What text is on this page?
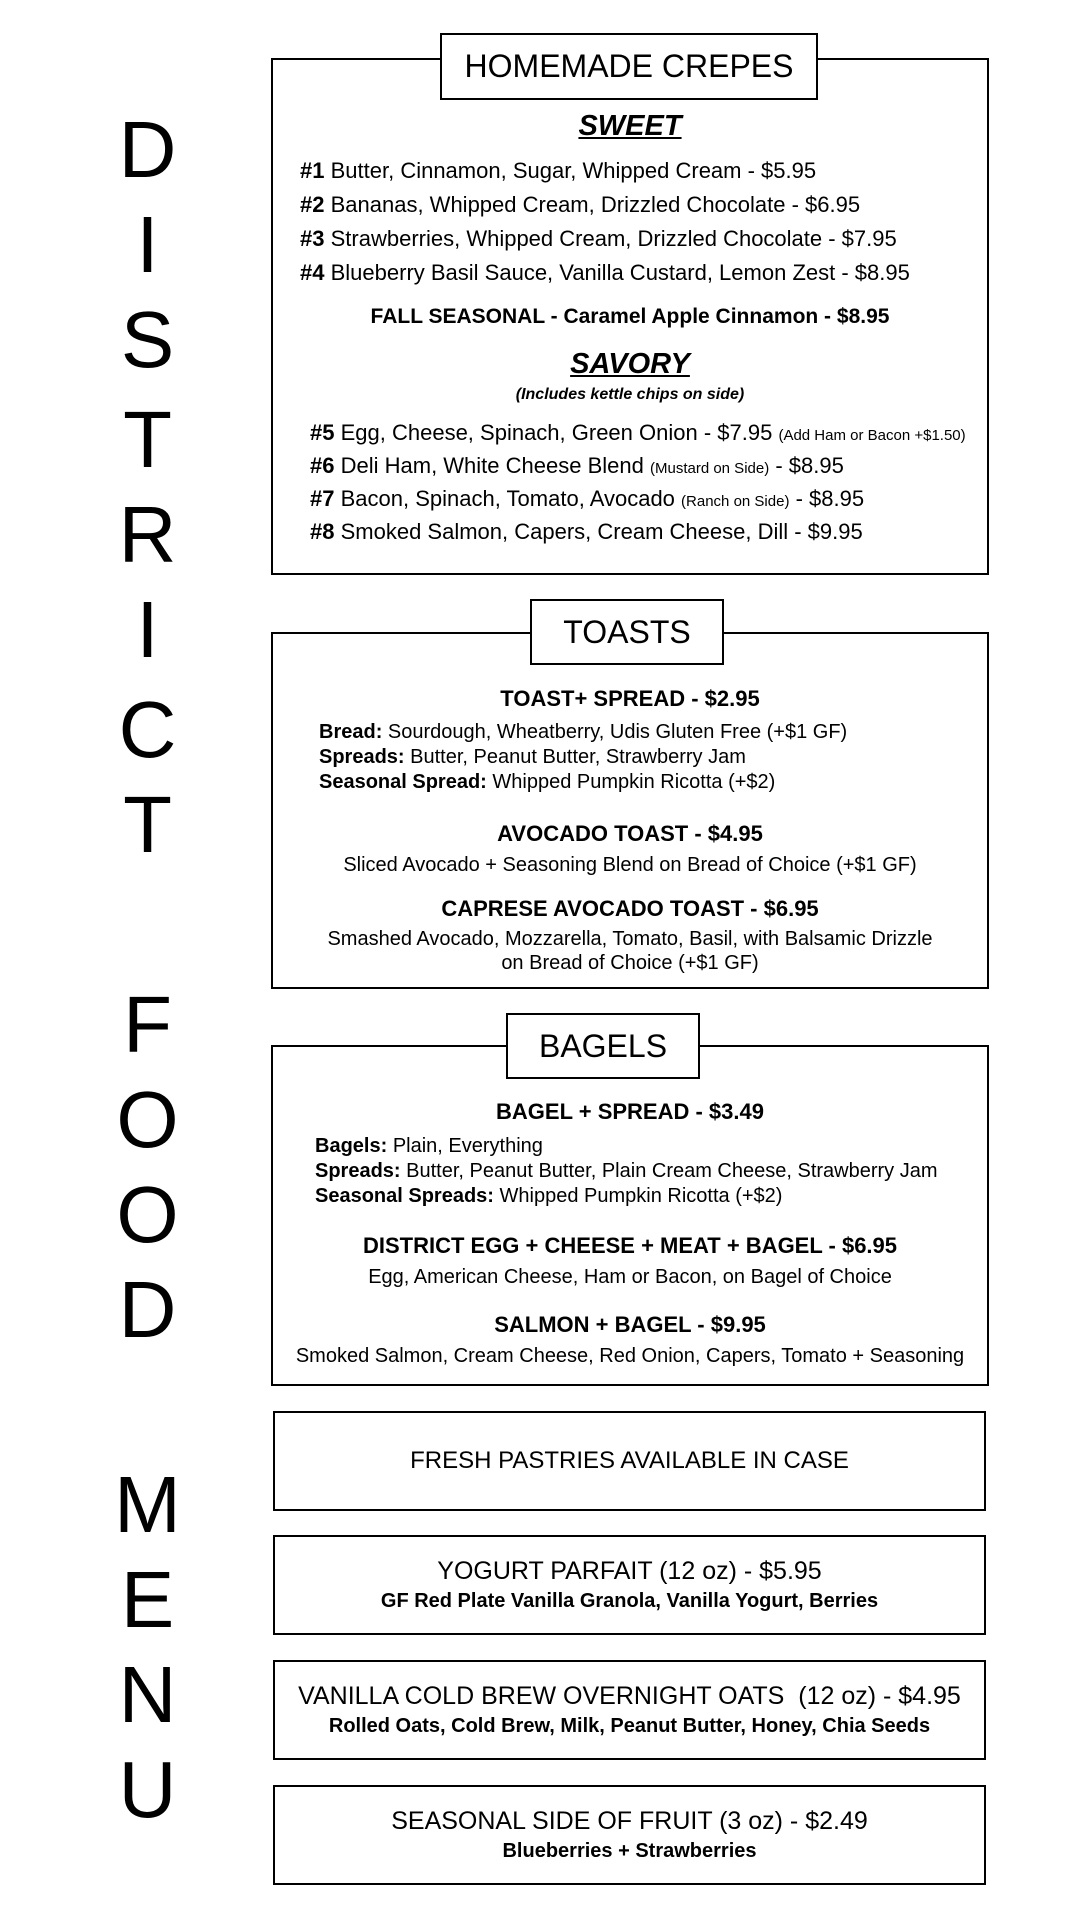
D
I
S
T
R
I
C
T
F
O
O
D
M
E
N
U
SWEET
#1 Butter, Cinnamon, Sugar, Whipped Cream - $5.95
#2 Bananas, Whipped Cream, Drizzled Chocolate - $6.95
#3 Strawberries, Whipped Cream, Drizzled Chocolate - $7.95
#4 Blueberry Basil Sauce, Vanilla Custard, Lemon Zest - $8.95
FALL SEASONAL - Caramel Apple Cinnamon - $8.95
SAVORY
(Includes kettle chips on side)
#5 Egg, Cheese, Spinach, Green Onion - $7.95 (Add Ham or Bacon +$1.50)
#6 Deli Ham, White Cheese Blend (Mustard on Side) - $8.95
#7 Bacon, Spinach, Tomato, Avocado (Ranch on Side) - $8.95
#8 Smoked Salmon, Capers, Cream Cheese, Dill - $9.95
HOMEMADE CREPES
TOAST+ SPREAD - $2.95
Bread: Sourdough, Wheatberry, Udis Gluten Free (+$1 GF)
Spreads: Butter, Peanut Butter, Strawberry Jam
Seasonal Spread: Whipped Pumpkin Ricotta (+$2)
AVOCADO TOAST - $4.95
Sliced Avocado + Seasoning Blend on Bread of Choice (+$1 GF)
CAPRESE AVOCADO TOAST - $6.95
Smashed Avocado, Mozzarella, Tomato, Basil, with Balsamic Drizzle
on Bread of Choice (+$1 GF)
TOASTS
BAGEL + SPREAD - $3.49
Bagels: Plain, Everything
Spreads: Butter, Peanut Butter, Plain Cream Cheese, Strawberry Jam
Seasonal Spreads: Whipped Pumpkin Ricotta (+$2)
DISTRICT EGG + CHEESE + MEAT + BAGEL - $6.95
Egg, American Cheese, Ham or Bacon, on Bagel of Choice
SALMON + BAGEL - $9.95
Smoked Salmon, Cream Cheese, Red Onion, Capers, Tomato + Seasoning
BAGELS
FRESH PASTRIES AVAILABLE IN CASE
YOGURT PARFAIT (12 oz) - $5.95
GF Red Plate Vanilla Granola, Vanilla Yogurt, Berries
VANILLA COLD BREW OVERNIGHT OATS  (12 oz) - $4.95
Rolled Oats, Cold Brew, Milk, Peanut Butter, Honey, Chia Seeds
SEASONAL SIDE OF FRUIT (3 oz) - $2.49
Blueberries + Strawberries
